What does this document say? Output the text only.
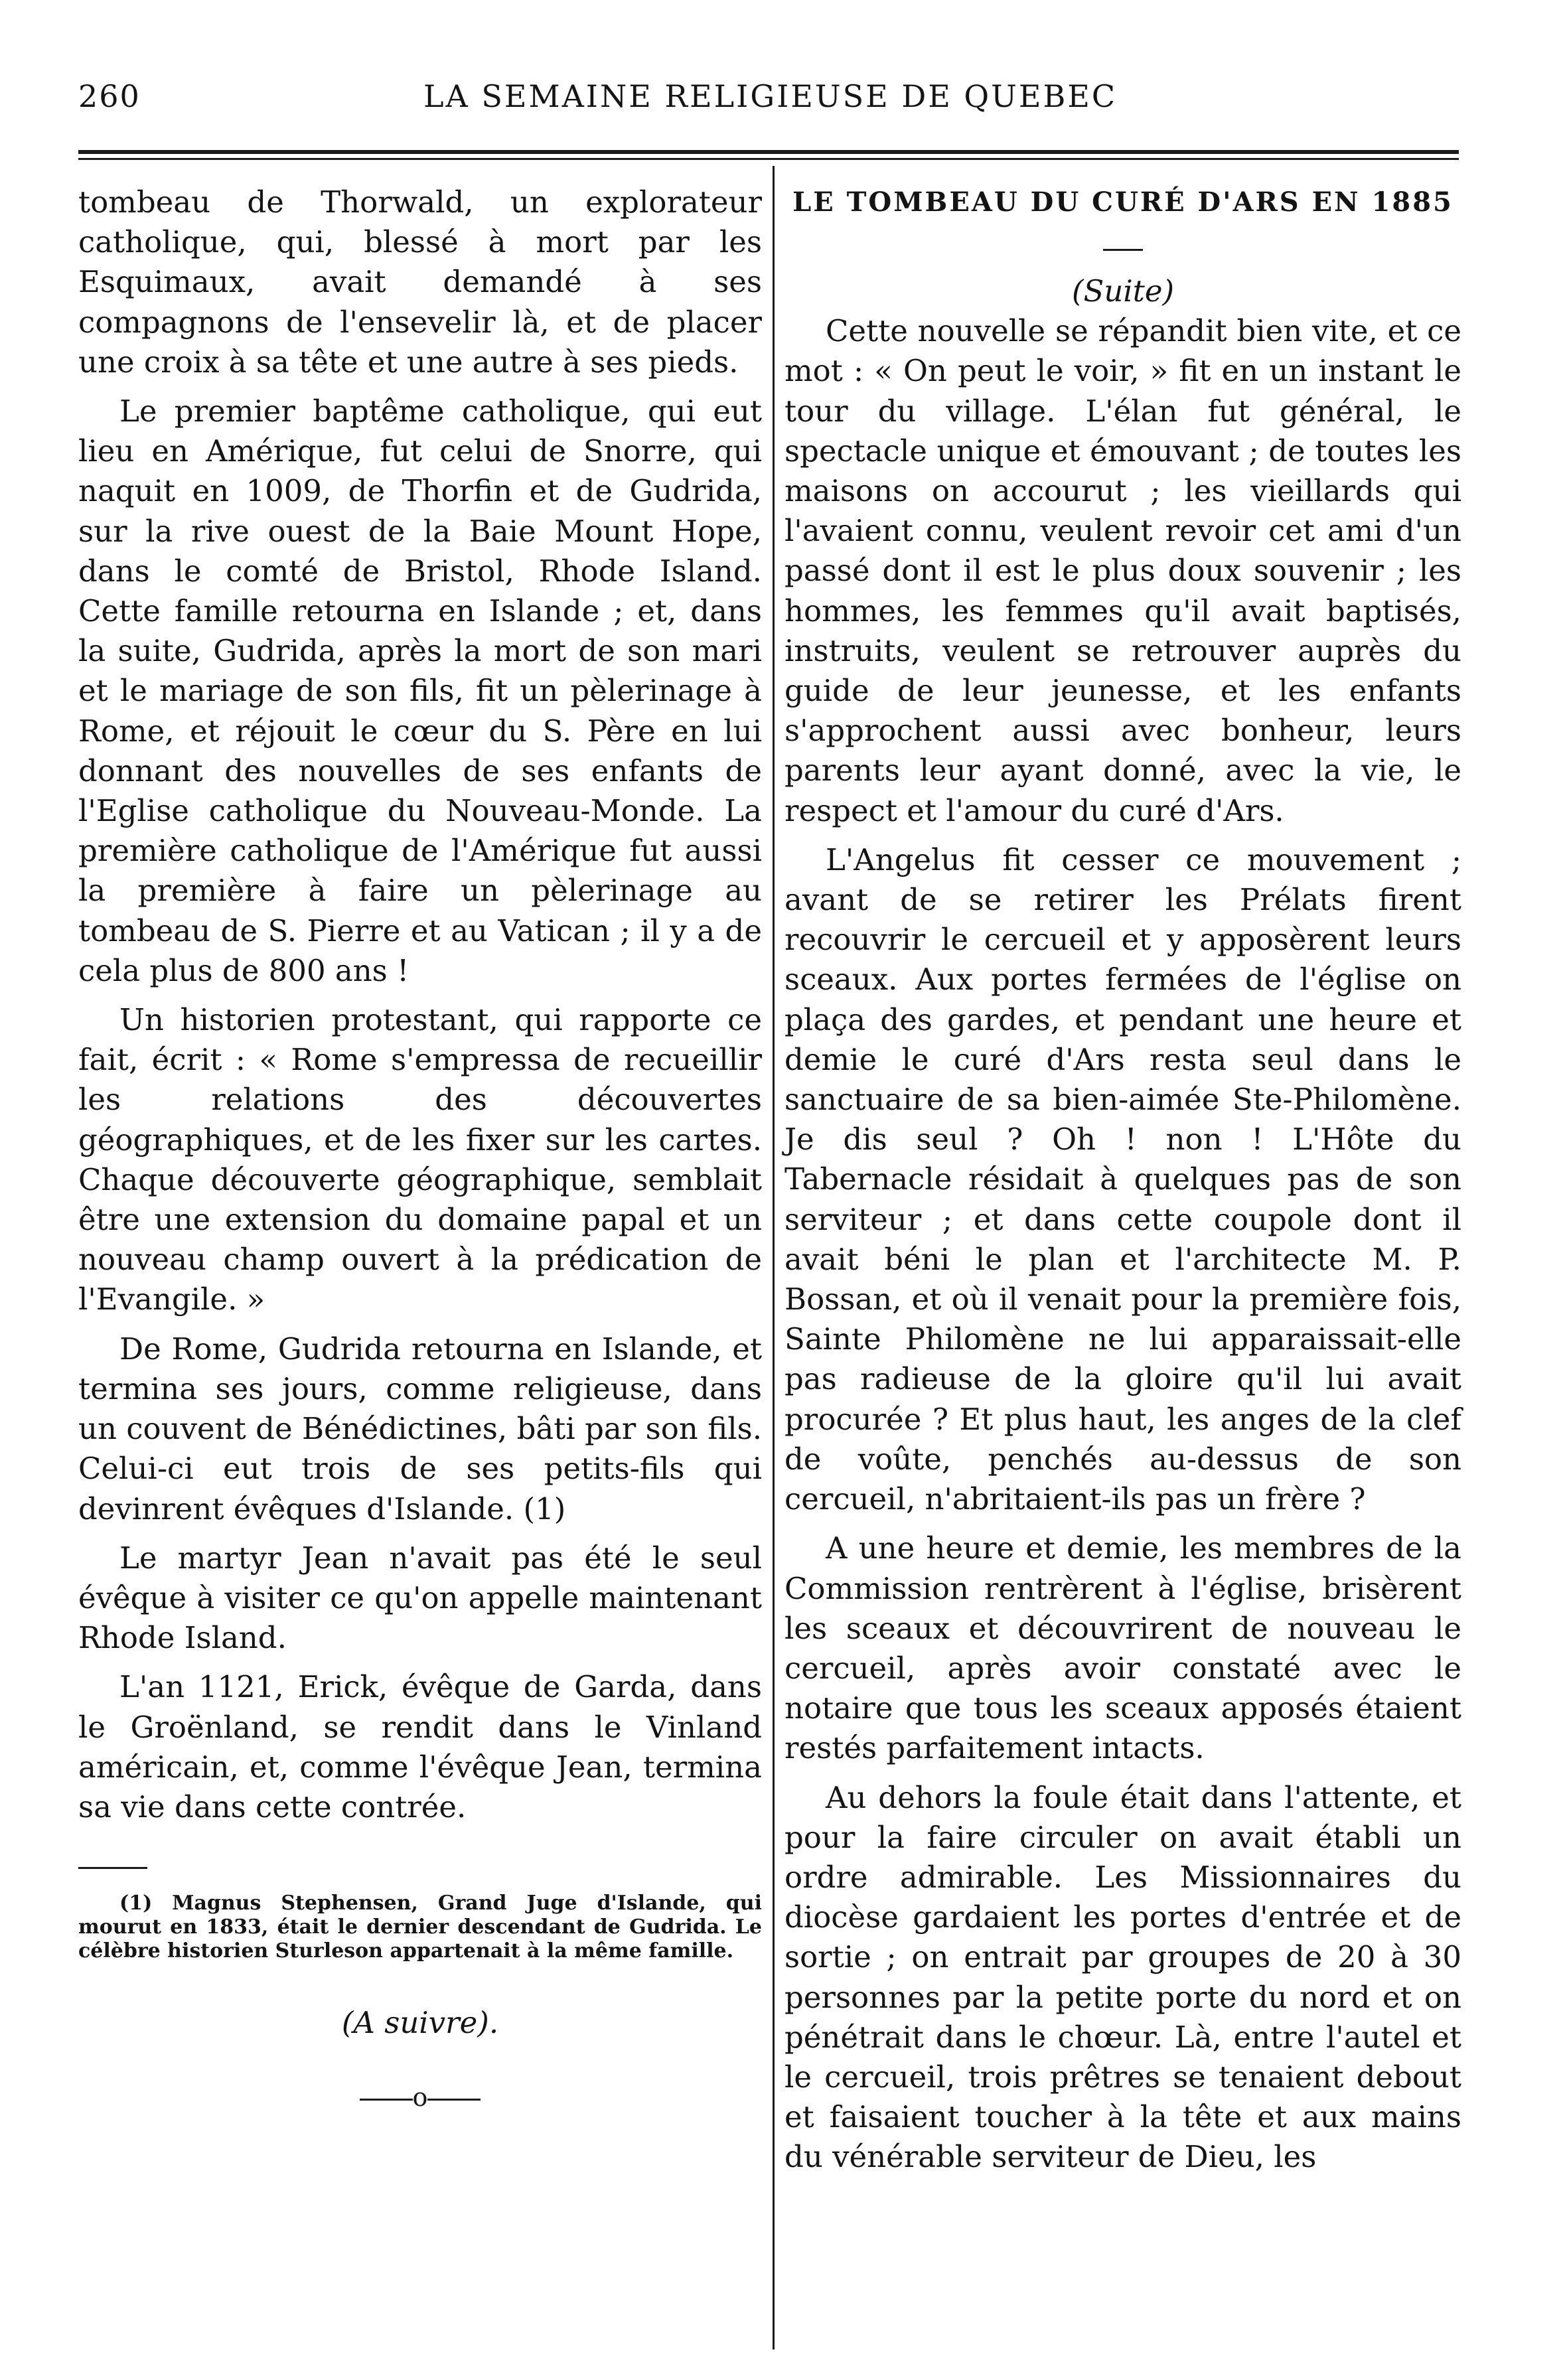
260	LA SEMAINE RELIGIEUSE DE QUEBEC

tombeau de Thorwald, un explorateur catholique, qui, blessé à mort par les Esquimaux, avait demandé à ses compagnons de l'ensevelir là, et de placer une croix à sa tête et une autre à ses pieds.

Le premier baptême catholique, qui eut lieu en Amérique, fut celui de Snorre, qui naquit en 1009, de Thorfin et de Gudrida, sur la rive ouest de la Baie Mount Hope, dans le comté de Bristol, Rhode Island. Cette famille retourna en Islande ; et, dans la suite, Gudrida, après la mort de son mari et le mariage de son fils, fit un pèlerinage à Rome, et réjouit le cœur du S. Père en lui donnant des nouvelles de ses enfants de l'Eglise catholique du Nouveau-Monde. La première catholique de l'Amérique fut aussi la première à faire un pèlerinage au tombeau de S. Pierre et au Vatican ; il y a de cela plus de 800 ans !

Un historien protestant, qui rapporte ce fait, écrit : « Rome s'empressa de recueillir les relations des découvertes géographiques, et de les fixer sur les cartes. Chaque découverte géographique, semblait être une extension du domaine papal et un nouveau champ ouvert à la prédication de l'Evangile. »

De Rome, Gudrida retourna en Islande, et termina ses jours, comme religieuse, dans un couvent de Bénédictines, bâti par son fils. Celui-ci eut trois de ses petits-fils qui devinrent évêques d'Islande. (1)

Le martyr Jean n'avait pas été le seul évêque à visiter ce qu'on appelle maintenant Rhode Island.

L'an 1121, Erick, évêque de Garda, dans le Groënland, se rendit dans le Vinland américain, et, comme l'évêque Jean, termina sa vie dans cette contrée.

(1) Magnus Stephensen, Grand Juge d'Islande, qui mourut en 1833, était le dernier descendant de Gudrida. Le célèbre historien Sturleson appartenait à la même famille.

(A suivre).
o
LE TOMBEAU DU CURÉ D'ARS EN 1885
(Suite)

Cette nouvelle se répandit bien vite, et ce mot : « On peut le voir, » fit en un instant le tour du village. L'élan fut général, le spectacle unique et émouvant ; de toutes les maisons on accourut ; les vieillards qui l'avaient connu, veulent revoir cet ami d'un passé dont il est le plus doux souvenir ; les hommes, les femmes qu'il avait baptisés, instruits, veulent se retrouver auprès du guide de leur jeunesse, et les enfants s'approchent aussi avec bonheur, leurs parents leur ayant donné, avec la vie, le respect et l'amour du curé d'Ars.

L'Angelus fit cesser ce mouvement ; avant de se retirer les Prélats firent recouvrir le cercueil et y apposèrent leurs sceaux. Aux portes fermées de l'église on plaça des gardes, et pendant une heure et demie le curé d'Ars resta seul dans le sanctuaire de sa bien-aimée Ste-Philomène. Je dis seul ? Oh ! non ! L'Hôte du Tabernacle résidait à quelques pas de son serviteur ; et dans cette coupole dont il avait béni le plan et l'architecte M. P. Bossan, et où il venait pour la première fois, Sainte Philomène ne lui apparaissait-elle pas radieuse de la gloire qu'il lui avait procurée ? Et plus haut, les anges de la clef de voûte, penchés au-dessus de son cercueil, n'abritaient-ils pas un frère ?

A une heure et demie, les membres de la Commission rentrèrent à l'église, brisèrent les sceaux et découvrirent de nouveau le cercueil, après avoir constaté avec le notaire que tous les sceaux apposés étaient restés parfaitement intacts.

Au dehors la foule était dans l'attente, et pour la faire circuler on avait établi un ordre admirable. Les Missionnaires du diocèse gardaient les portes d'entrée et de sortie ; on entrait par groupes de 20 à 30 personnes par la petite porte du nord et on pénétrait dans le chœur. Là, entre l'autel et le cercueil, trois prêtres se tenaient debout et faisaient toucher à la tête et aux mains du vénérable serviteur de Dieu, les
